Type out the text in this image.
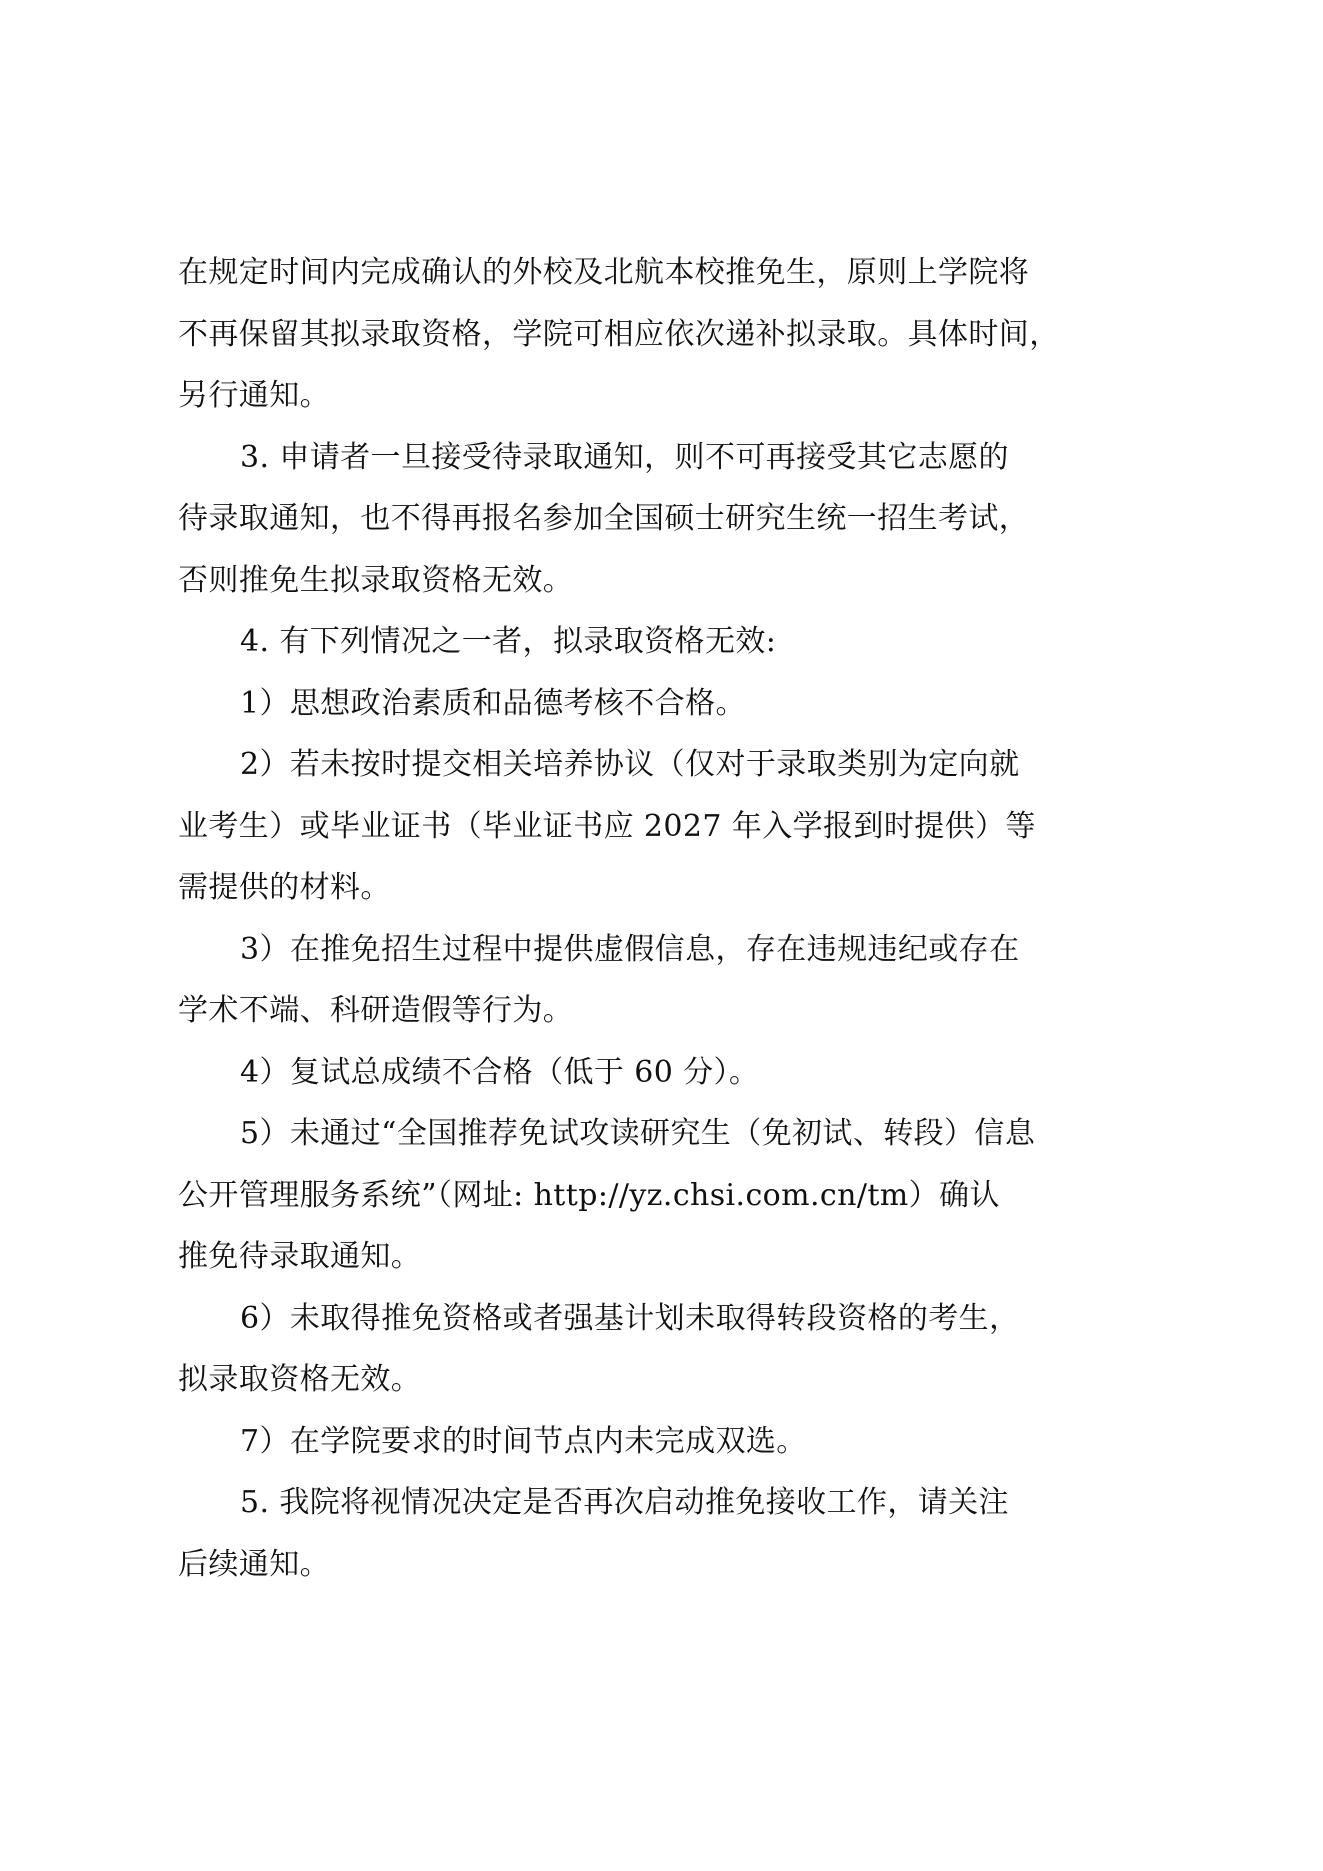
在规定时间内完成确认的外校及北航本校推免生，原则上学院将
不再保留其拟录取资格，学院可相应依次递补拟录取。具体时间，
另行通知。

3. 申请者一旦接受待录取通知，则不可再接受其它志愿的
待录取通知，也不得再报名参加全国硕士研究生统一招生考试，
否则推免生拟录取资格无效。

4. 有下列情况之一者，拟录取资格无效:

1）思想政治素质和品德考核不合格。

2）若未按时提交相关培养协议（仅对于录取类别为定向就
业考生）或毕业证书（毕业证书应 2027 年入学报到时提供）等
需提供的材料。

3）在推免招生过程中提供虚假信息，存在违规违纪或存在
学术不端、科研造假等行为。

4）复试总成绩不合格（低于 60 分）。

5）未通过“全国推荐免试攻读研究生（免初试、转段）信息
公开管理服务系统”（网址: http://yz.chsi.com.cn/tm）确认
推免待录取通知。

6）未取得推免资格或者强基计划未取得转段资格的考生，
拟录取资格无效。

7）在学院要求的时间节点内未完成双选。

5. 我院将视情况决定是否再次启动推免接收工作，请关注
后续通知。
